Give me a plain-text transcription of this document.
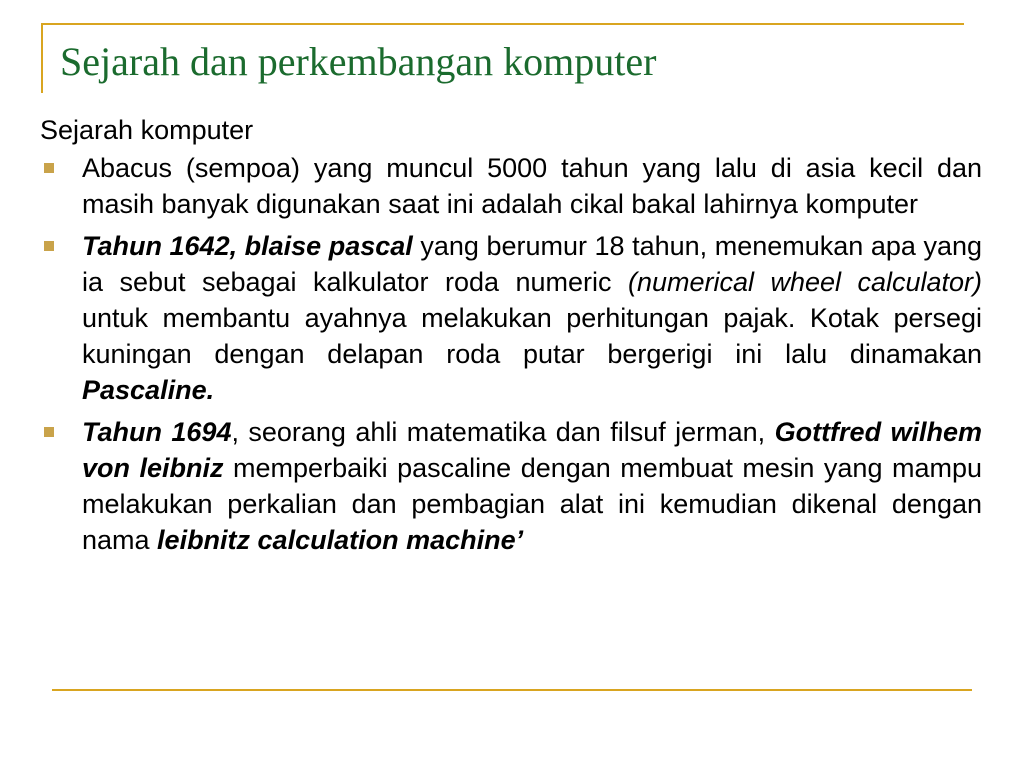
Sejarah dan perkembangan komputer
Sejarah komputer
Abacus (sempoa) yang muncul 5000 tahun yang lalu di asia kecil dan masih banyak digunakan saat ini adalah cikal bakal lahirnya komputer
Tahun 1642, blaise pascal yang berumur 18 tahun, menemukan apa yang ia sebut sebagai kalkulator roda numeric (numerical wheel calculator) untuk membantu ayahnya melakukan perhitungan pajak. Kotak persegi kuningan dengan delapan roda putar bergerigi ini lalu dinamakan Pascaline.
Tahun 1694, seorang ahli matematika dan filsuf jerman, Gottfred wilhem von leibniz memperbaiki pascaline dengan membuat mesin yang mampu melakukan perkalian dan pembagian alat ini kemudian dikenal dengan nama leibnitz calculation machine’
